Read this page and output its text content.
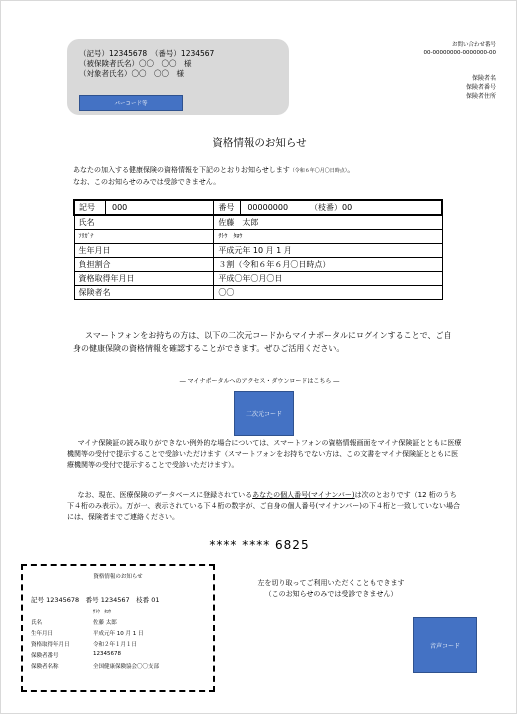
（記号）12345678　（番号）1234567
（被保険者氏名）〇〇　〇〇　様
（対象者氏名）〇〇　〇〇　様
バーコード等
お問い合わせ番号
00-00000000-0000000-00
保険者名
保険者番号
保険者住所
資格情報のお知らせ
あなたの加入する健康保険の資格情報を下記のとおりお知らせします（令和６年〇月〇日時点）。
なお、このお知らせのみでは受診できません。
記号 000	番号 00000000 （枝番）00
氏名	佐藤　太郎
ﾌﾘｶﾞﾅ	ｻﾄｳ　ﾀﾛｳ
生年月日	平成元年 10 月 1 月
負担割合	３割（令和６年６月〇日時点）
資格取得年月日	平成〇年〇月〇日
保険者名	〇〇
スマートフォンをお持ちの方は、以下の二次元コードからマイナポータルにログインすることで、ご自身の健康保険の資格情報を確認することができます。ぜひご活用ください。
― マイナポータルへのアクセス・ダウンロードはこちら ―
二次元コード
マイナ保険証の読み取りができない例外的な場合については、スマートフォンの資格情報画面をマイナ保険証とともに医療機関等の受付で提示することで受診いただけます（スマートフォンをお持ちでない方は、この文書をマイナ保険証とともに医療機関等の受付で提示することで受診いただけます）。
なお、現在、医療保険のデータベースに登録されているあなたの個人番号(マイナンバー)は次のとおりです（12 桁のうち下４桁のみ表示）。万が一、表示されている下４桁の数字が、ご自身の個人番号(マイナンバー)の下４桁と一致していない場合には、保険者までご連絡ください。
**** **** 6825
資格情報のお知らせ
記号 12345678　番号 1234567　枝番 01
ｻﾄｳ　ﾀﾛｳ
氏名	佐藤 太郎
生年月日	平成元年 10 月 1 日
資格取得年月日	令和２年１月１日
保険者番号	12345678
保険者名称	全国健康保険協会〇〇支部
左を切り取ってご利用いただくこともできます
（このお知らせのみでは受診できません）
音声コード
